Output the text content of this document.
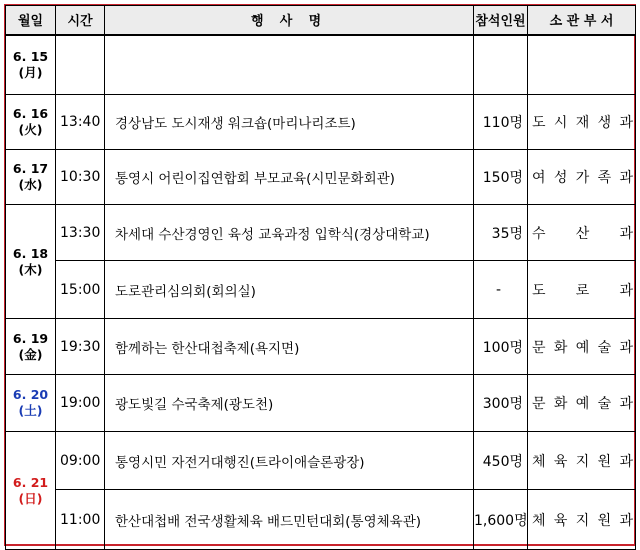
월일	시간	행 사 명	참석인원	소 관 부 서
6. 15
(月)				

6. 16
(火)	13:40	경상남도 도시재생 워크숍(마리나리조트)	110명	도 시 재 생 과

6. 17
(水)	10:30	통영시 어린이집연합회 부모교육(시민문화회관)	150명	여 성 가 족 과

6. 18
(木)	13:30	차세대 수산경영인 육성 교육과정 입학식(경상대학교)	35명	수 산 과

	15:00	도로관리심의회(회의실)	-	도 로 과

6. 19
(金)	19:30	함께하는 한산대첩축제(욕지면)	100명	문 화 예 술 과

6. 20
(土)	19:00	광도빛길 수국축제(광도천)	300명	문 화 예 술 과

6. 21
(日)	09:00	통영시민 자전거대행진(트라이애슬론광장)	450명	체 육 지 원 과

	11:00	한산대첩배 전국생활체육 배드민턴대회(통영체육관)	1,600명	체 육 지 원 과
